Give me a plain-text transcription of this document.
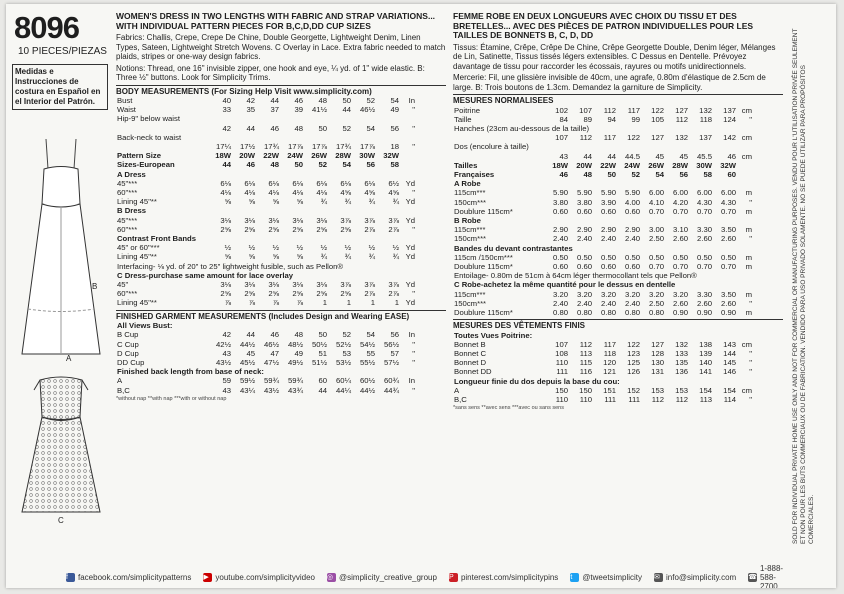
8096
10 PIECES/PIEZAS
Medidas e Instrucciones de costura en Español en el Interior del Patrón.
B
A
C

WOMEN'S DRESS IN TWO LENGTHS WITH FABRIC AND STRAP VARIATIONS... WITH INDIVIDUAL PATTERN PIECES FOR B,C,D,DD CUP SIZES

Fabrics: Challis, Crepe, Crepe De Chine, Double Georgette, Lightweight Denim, Linen Types, Sateen, Lightweight Stretch Wovens. C Overlay in Lace. Extra fabric needed to match plaids, stripes or one-way design fabrics.

Notions: Thread, one 16" invisible zipper, one hook and eye, ¼ yd. of 1" wide elastic. B: Three ½" buttons. Look for Simplicity Trims.

BODY MEASUREMENTS (For Sizing Help Visit www.simplicity.com)
Bust	40	42	44	46	48	50	52	54	In
Waist	33	35	37	39	41½	44	46½	49	"
Hip-9" below waist									
	42	44	46	48	50	52	54	56	"
Back-neck to waist									
	17¼	17½	17¾	17⅞	17⅞	17¾	17⅞	18	"
Pattern Size	18W	20W	22W	24W	26W	28W	30W	32W	
Sizes-European	44	46	48	50	52	54	56	58	
A Dress									
45"***	6⅛	6⅛	6⅛	6⅛	6⅛	6⅛	6⅛	6½	Yd
60"***	4⅛	4⅛	4⅛	4⅛	4⅛	4⅝	4⅝	4⅝	"
Lining 45"**	⅝	⅝	⅝	⅝	¾	¾	¾	¾	Yd
B Dress									
45"***	3⅛	3⅛	3⅛	3⅛	3⅛	3⅞	3⅞	3⅞	Yd
60"***	2⅝	2⅝	2⅝	2⅝	2⅝	2⅝	2⅞	2⅞	"
Contrast Front Bands									
45" or 60"***	½	½	½	½	½	½	½	½	Yd
Lining 45"**	⅝	⅝	⅝	⅝	¾	¾	¾	¾	Yd
Interfacing- ⅛ yd. of 20" to 25" lightweight fusible, such as Pellon®									
C Dress-purchase same amount for lace overlay									
45"	3⅛	3⅛	3⅛	3⅛	3⅛	3⅞	3⅞	3⅞	Yd
60"***	2⅝	2⅝	2⅝	2⅝	2⅝	2⅝	2⅞	2⅞	"
Lining 45"**	⅞	⅞	⅞	⅞	1	1	1	1	Yd
FINISHED GARMENT MEASUREMENTS (Includes Design and Wearing EASE)
All Views Bust:									
B Cup	42	44	46	48	50	52	54	56	In
C Cup	42½	44½	46½	48½	50½	52½	54½	56½	"
D Cup	43	45	47	49	51	53	55	57	"
DD Cup	43½	45½	47½	49½	51½	53½	55½	57½	"
Finished back length from base of neck:									
A	59	59½	59¾	59¾	60	60¼	60½	60¾	In
B,C	43	43¼	43½	43¾	44	44¼	44½	44¾	"
*without nap **with nap ***with or without nap

FEMME ROBE EN DEUX LONGUEURS AVEC CHOIX DU TISSU ET DES BRETELLES... AVEC DES PIÈCES DE PATRON INDIVIDUELLES POUR LES TAILLES DE BONNETS B, C, D, DD

Tissus: Étamine, Crêpe, Crêpe De Chine, Crêpe Georgette Double, Denim léger, Mélanges de Lin, Satinette, Tissus tissés légers extensibles. C Dessus en Dentelle. Prévoyez davantage de tissu pour raccorder les écossais, rayures ou motifs unidirectionnels.

Mercerie: Fil, une glissière invisible de 40cm, une agrafe, 0.80m d'élastique de 2.5cm de large. B: Trois boutons de 1.3cm. Demandez la garniture de Simplicity.

MESURES NORMALISEES
Poitrine	102	107	112	117	122	127	132	137	cm
Taille	84	89	94	99	105	112	118	124	"
Hanches (23cm au-dessous de la taille)									
	107	112	117	122	127	132	137	142	cm
Dos (encolure à taille)									
	43	44	44	44.5	45	45	45.5	46	cm
Tailles	18W	20W	22W	24W	26W	28W	30W	32W	
Françaises	46	48	50	52	54	56	58	60	
A Robe									
115cm***	5.90	5.90	5.90	5.90	6.00	6.00	6.00	6.00	m
150cm***	3.80	3.80	3.90	4.00	4.10	4.20	4.30	4.30	"
Doublure 115cm*	0.60	0.60	0.60	0.60	0.70	0.70	0.70	0.70	m
B Robe									
115cm***	2.90	2.90	2.90	2.90	3.00	3.10	3.30	3.50	m
150cm***	2.40	2.40	2.40	2.40	2.50	2.60	2.60	2.60	"
Bandes du devant contrastantes									
115cm /150cm***	0.50	0.50	0.50	0.50	0.50	0.50	0.50	0.50	m
Doublure 115cm*	0.60	0.60	0.60	0.60	0.70	0.70	0.70	0.70	m
Entoilage- 0.80m de 51cm à 64cm léger thermocollant tels que Pellon®									
C Robe-achetez la même quantité pour le dessus en dentelle									
115cm***	3.20	3.20	3.20	3.20	3.20	3.20	3.30	3.50	m
150cm***	2.40	2.40	2.40	2.40	2.50	2.60	2.60	2.60	"
Doublure 115cm*	0.80	0.80	0.80	0.80	0.80	0.90	0.90	0.90	m
MESURES DES VÊTEMENTS FINIS
Toutes Vues Poitrine:									
Bonnet B	107	112	117	122	127	132	138	143	cm
Bonnet C	108	113	118	123	128	133	139	144	"
Bonnet D	110	115	120	125	130	135	140	145	"
Bonnet DD	111	116	121	126	131	136	141	146	"
Longueur finie du dos depuis la base du cou:									
A	150	150	151	152	153	153	154	154	cm
B,C	110	110	111	111	112	112	113	114	"
*sans sens **avec sens ***avec ou sans sens	SOLD FOR INDIVIDUAL PRIVATE HOME USE ONLY AND NOT FOR COMMERCIAL OR MANUFACTURING PURPOSES. VENDU POUR L'UTILISATION PRIVÉE SEULEMENT ET NON POUR LES BUTS COMMERCIAUX OU DE FABRICATION. VENDIDO PARA USO PRIVADO SOLAMENTE. NO SE PUEDE UTILIZAR PARA PROPÓSITOS COMERCIALES.
f	facebook.com/simplicitypatterns ▶ youtube.com/simplicityvideo ◎ @simplicity_creative_group P pinterest.com/simplicitypins t	@tweetsimplicity ✉ info@simplicity.com ☎
1-888-588-2700
